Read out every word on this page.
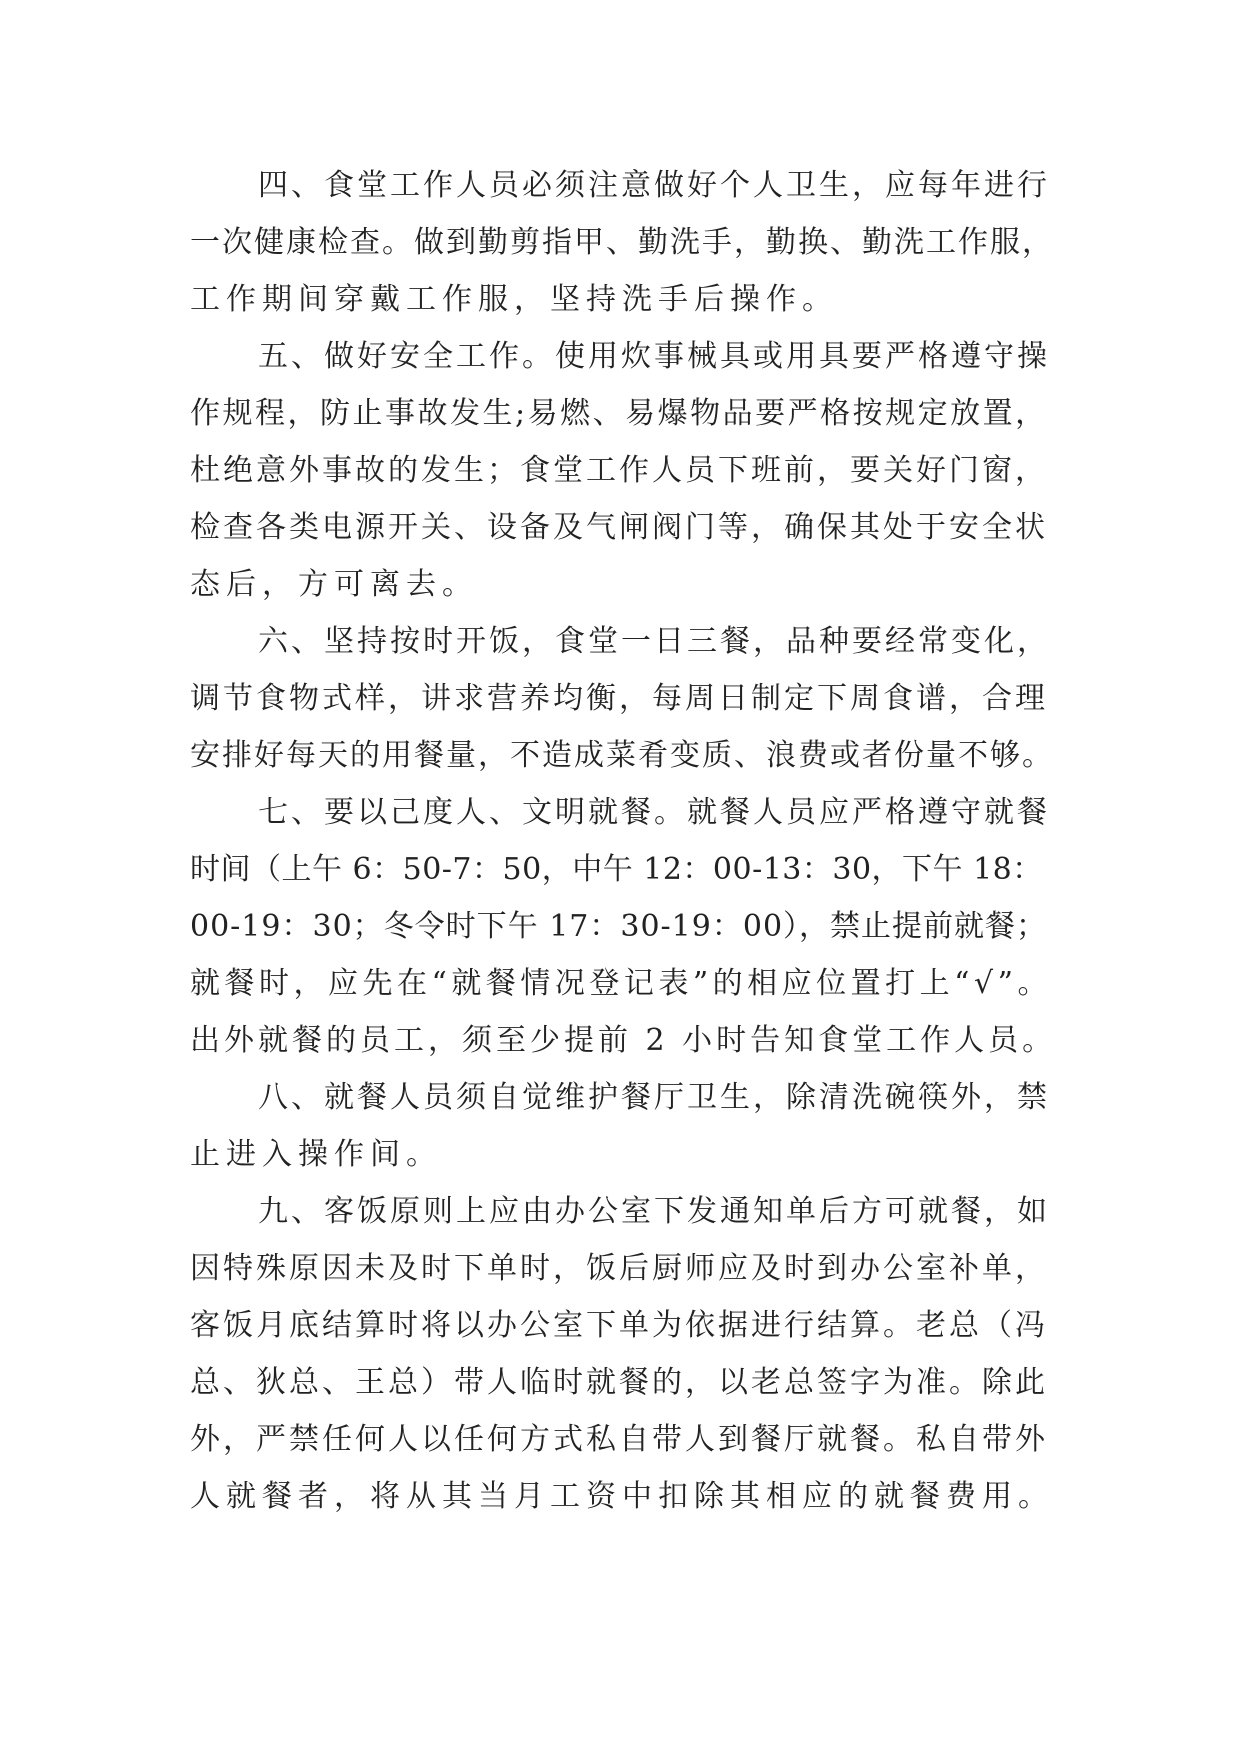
四、食堂工作人员必须注意做好个人卫生，应每年进行
一次健康检查。做到勤剪指甲、勤洗手，勤换、勤洗工作服，
工作期间穿戴工作服，坚持洗手后操作。
五、做好安全工作。使用炊事械具或用具要严格遵守操
作规程，防止事故发生;易燃、易爆物品要严格按规定放置，
杜绝意外事故的发生；食堂工作人员下班前，要关好门窗，
检查各类电源开关、设备及气闸阀门等，确保其处于安全状
态后，方可离去。
六、坚持按时开饭，食堂一日三餐，品种要经常变化，
调节食物式样，讲求营养均衡，每周日制定下周食谱，合理
安排好每天的用餐量，不造成菜肴变质、浪费或者份量不够。
七、要以己度人、文明就餐。就餐人员应严格遵守就餐
时间（上午 6：50-7：50，中午 12：00-13：30，下午 18：
00-19：30；冬令时下午 17：30-19：00），禁止提前就餐；
就餐时，应先在“就餐情况登记表”的相应位置打上“√”。
出外就餐的员工，须至少提前 2 小时告知食堂工作人员。
八、就餐人员须自觉维护餐厅卫生，除清洗碗筷外，禁
止进入操作间。
九、客饭原则上应由办公室下发通知单后方可就餐，如
因特殊原因未及时下单时，饭后厨师应及时到办公室补单，
客饭月底结算时将以办公室下单为依据进行结算。老总（冯
总、狄总、王总）带人临时就餐的，以老总签字为准。除此
外，严禁任何人以任何方式私自带人到餐厅就餐。私自带外
人就餐者，将从其当月工资中扣除其相应的就餐费用。
